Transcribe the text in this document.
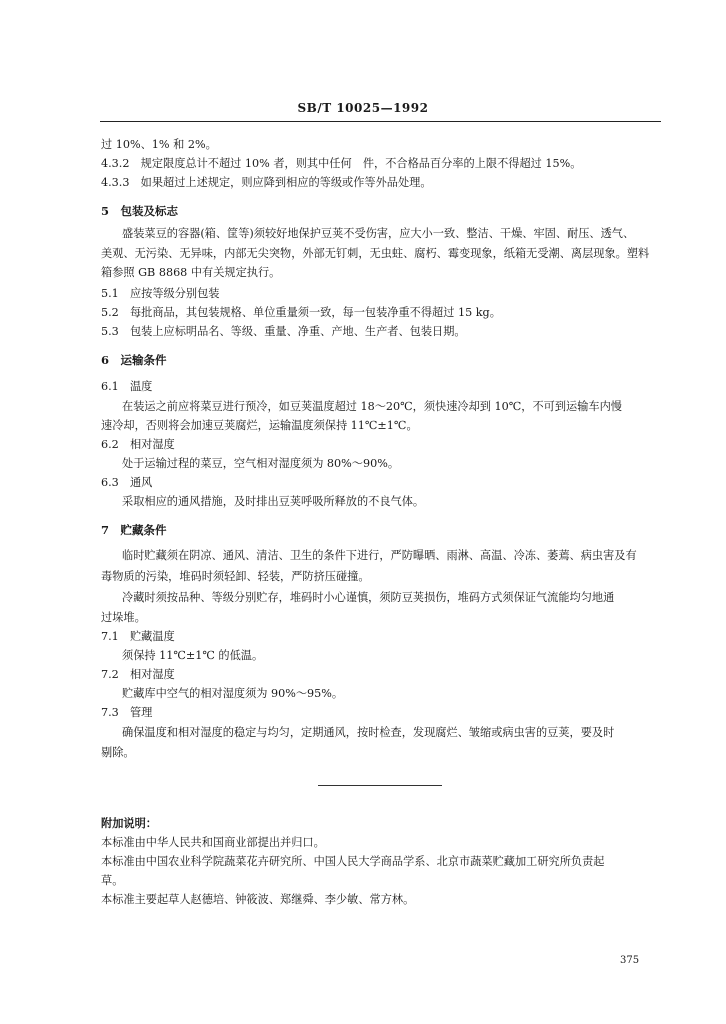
SB/T 10025—1992
过 10%、1% 和 2%。
4.3.2　规定限度总计不超过 10% 者，则其中任何　件，不合格品百分率的上限不得超过 15%。
4.3.3　如果超过上述规定，则应降到相应的等级或作等外品处理。
5　包装及标志
盛装菜豆的容器(箱、筐等)须较好地保护豆荚不受伤害，应大小一致、整洁、干燥、牢固、耐压、透气、
美观、无污染、无异味，内部无尖突物，外部无钉刺，无虫蛀、腐朽、霉变现象，纸箱无受潮、离层现象。塑料
箱参照 GB 8868 中有关规定执行。
5.1　应按等级分别包装
5.2　每批商品，其包装规格、单位重量须一致，每一包装净重不得超过 15 kg。
5.3　包装上应标明品名、等级、重量、净重、产地、生产者、包装日期。
6　运输条件
6.1　温度
在装运之前应将菜豆进行预冷，如豆荚温度超过 18～20℃，须快速冷却到 10℃，不可到运输车内慢
速冷却，否则将会加速豆荚腐烂，运输温度须保持 11℃±1℃。
6.2　相对湿度
处于运输过程的菜豆，空气相对湿度须为 80%～90%。
6.3　通风
采取相应的通风措施，及时排出豆荚呼吸所释放的不良气体。
7　贮藏条件
临时贮藏须在阴凉、通风、清洁、卫生的条件下进行，严防曝晒、雨淋、高温、冷冻、萎蔫、病虫害及有
毒物质的污染，堆码时须轻卸、轻装，严防挤压碰撞。
冷藏时须按品种、等级分别贮存，堆码时小心谨慎，须防豆荚损伤，堆码方式须保证气流能均匀地通
过垛堆。
7.1　贮藏温度
须保持 11℃±1℃ 的低温。
7.2　相对湿度
贮藏库中空气的相对湿度须为 90%～95%。
7.3　管理
确保温度和相对湿度的稳定与均匀，定期通风，按时检查，发现腐烂、皱缩或病虫害的豆荚，要及时
剔除。
附加说明：
本标准由中华人民共和国商业部提出并归口。
本标准由中国农业科学院蔬菜花卉研究所、中国人民大学商品学系、北京市蔬菜贮藏加工研究所负责起
草。
本标准主要起草人赵德培、钟筱波、郑继舜、李少敏、常方林。
375
